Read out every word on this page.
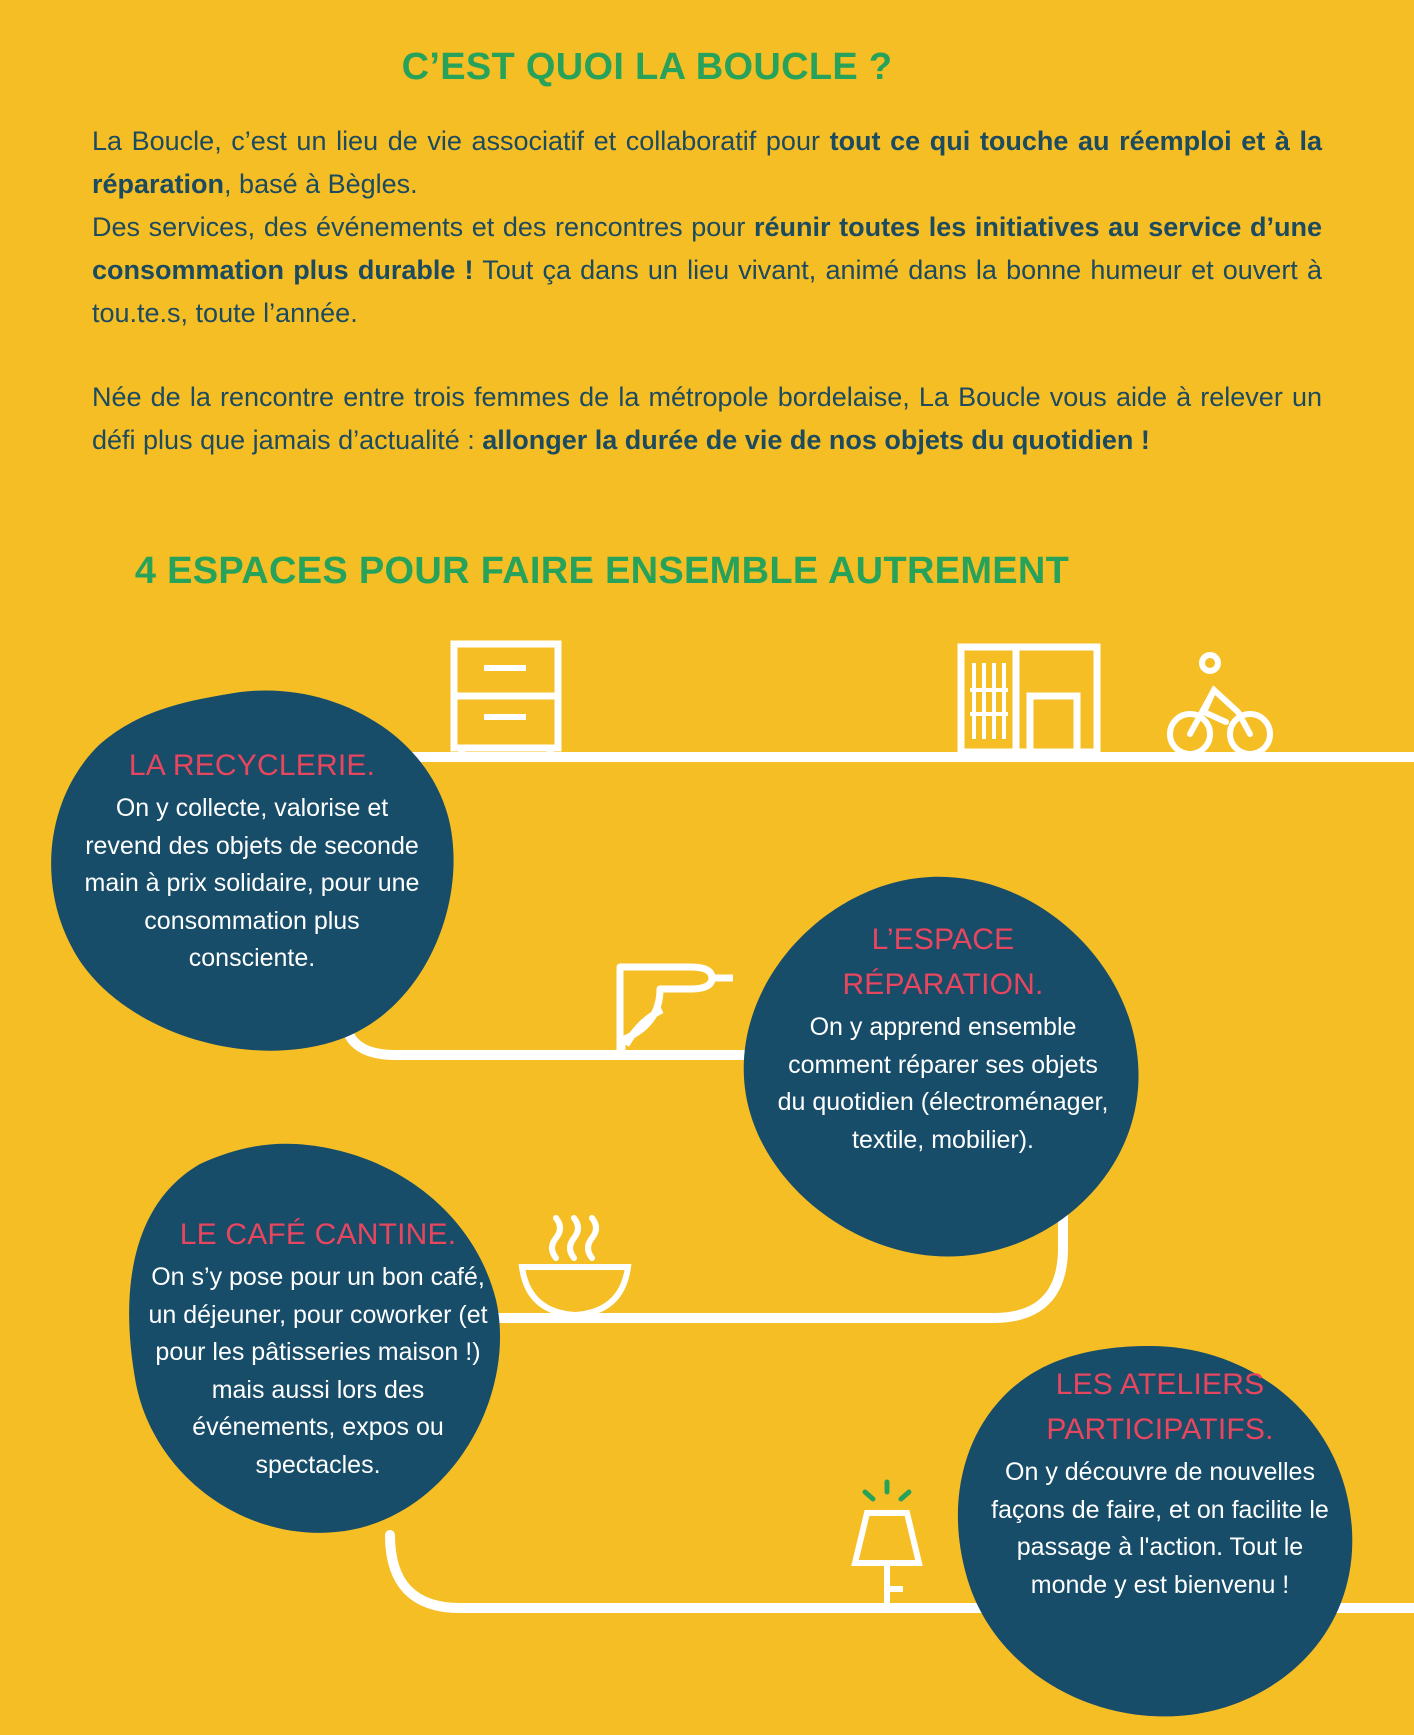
C’EST QUOI LA BOUCLE ?

La Boucle, c’est un lieu de vie associatif et collaboratif pour tout ce qui touche au réemploi et à la réparation, basé à Bègles.
Des services, des événements et des rencontres pour réunir toutes les initiatives au service d’une consommation plus durable ! Tout ça dans un lieu vivant, animé dans la bonne humeur et ouvert à tou.te.s, toute l’année.

Née de la rencontre entre trois femmes de la métropole bordelaise, La Boucle vous aide à relever un défi plus que jamais d’actualité : allonger la durée de vie de nos objets du quotidien !

4 ESPACES POUR FAIRE ENSEMBLE AUTREMENT
LA RECYCLERIE.
On y collecte, valorise et revend des objets de seconde main à prix solidaire, pour une consommation plus consciente.
L’ESPACE RÉPARATION.
On y apprend ensemble comment réparer ses objets du quotidien (électroménager, textile, mobilier).
LE CAFÉ CANTINE.
On s’y pose pour un bon café, un déjeuner, pour coworker (et pour les pâtisseries maison !) mais aussi lors des événements, expos ou spectacles.
LES ATELIERS PARTICIPATIFS.
On y découvre de nouvelles façons de faire, et on facilite le passage à l'action. Tout le monde y est bienvenu !
